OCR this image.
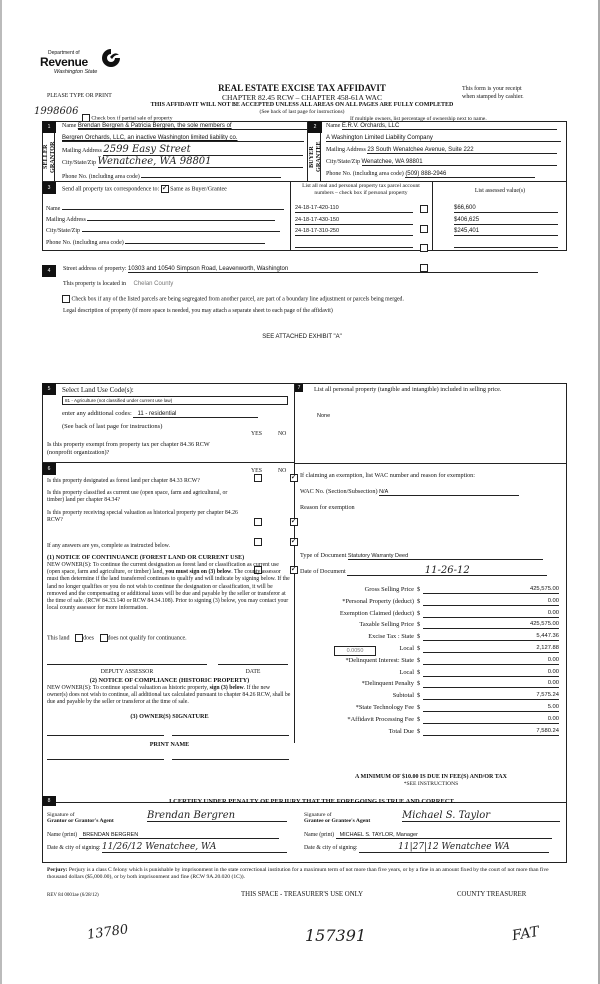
Department of
Revenue
Washington State
REAL ESTATE EXCISE TAX AFFIDAVIT
CHAPTER 82.45 RCW – CHAPTER 458-61A WAC
PLEASE TYPE OR PRINT
This form is your receipt
when stamped by cashier.
THIS AFFIDAVIT WILL NOT BE ACCEPTED UNLESS ALL AREAS ON ALL PAGES ARE FULLY COMPLETED
(See back of last page for instructions)
1998606
Check box if partial sale of property	If multiple owners, list percentage of ownership next to name.
1
SELLER
GRANTOR
Name Brendan Bergren & Patricia Bergren, the sole members of
Bergren Orchards, LLC, an inactive Washington limited liability co.
Mailing Address 2599 Easy Street
City/State/Zip Wenatchee, WA 98801
Phone No. (including area code)
2
BUYER
GRANTEE
Name E.R.V. Orchards, LLC
A Washington Limited Liability Company
Mailing Address 23 South Wenatchee Avenue, Suite 222
City/State/Zip Wenatchee, WA 98801
Phone No. (including area code) (509) 888-2946
3	Send all property tax correspondence to: ✓ Same as Buyer/Grantee
Name
Mailing Address
City/State/Zip
Phone No. (including area code)
List all real and personal property tax parcel account numbers – check box if personal property	List assessed value(s)
24-18-17-420-110	$66,600
24-18-17-430-150	$406,625
24-18-17-310-250	$245,401
4	Street address of property: 10303 and 10540 Simpson Road, Leavenworth, Washington
This property is located in Chelan County
Check box if any of the listed parcels are being segregated from another parcel, are part of a boundary line adjustment or parcels being merged.
Legal description of property (if more space is needed, you may attach a separate sheet to each page of the affidavit)
SEE ATTACHED EXHIBIT "A"
5	Select Land Use Code(s):
81 - Agriculture (not classified under current use law)
enter any additional codes: 11 - residential
(See back of last page for instructions)
YES	NO
Is this property exempt from property tax per chapter 84.36 RCW (nonprofit organization)?
✓
6	YES	NO
Is this property designated as forest land per chapter 84.33 RCW?
✓
Is this property classified as current use (open space, farm and agricultural, or timber) land per chapter 84.34?
✓
Is this property receiving special valuation as historical property per chapter 84.26 RCW?
✓
If any answers are yes, complete as instructed below.
(1) NOTICE OF CONTINUANCE (FOREST LAND OR CURRENT USE)
NEW OWNER(S): To continue the current designation as forest land or classification as current use (open space, farm and agriculture, or timber) land, you must sign on (3) below. The county assessor must then determine if the land transferred continues to qualify and will indicate by signing below. If the land no longer qualifies or you do not wish to continue the designation or classification, it will be removed and the compensating or additional taxes will be due and payable by the seller or transferor at the time of sale. (RCW 84.33.140 or RCW 84.34.108). Prior to signing (3) below, you may contact your local county assessor for more information.
This land does does not qualify for continuance.
DEPUTY ASSESSOR	DATE
(2) NOTICE OF COMPLIANCE (HISTORIC PROPERTY)
NEW OWNER(S): To continue special valuation as historic property, sign (3) below. If the new owner(s) does not wish to continue, all additional tax calculated pursuant to chapter 84.26 RCW, shall be due and payable by the seller or transferor at the time of sale.
(3) OWNER(S) SIGNATURE
PRINT NAME
7	List all personal property (tangible and intangible) included in selling price.
None
If claiming an exemption, list WAC number and reason for exemption:
WAC No. (Section/Subsection) N/A
Reason for exemption
Type of Document Statutory Warranty Deed
Date of Document	11-26-12
Gross Selling Price $	425,575.00
*Personal Property (deduct) $	0.00
Exemption Claimed (deduct) $	0.00
Taxable Selling Price $	425,575.00
Excise Tax : State $	5,447.36
Local $	2,127.88
*Delinquent Interest: State $	0.00
Local $	0.00
*Delinquent Penalty $	0.00
Subtotal $	7,575.24
*State Technology Fee $	5.00
*Affidavit Processing Fee $	0.00
Total Due $	7,580.24
0.0050
A MINIMUM OF $10.00 IS DUE IN FEE(S) AND/OR TAX
*SEE INSTRUCTIONS
8	I CERTIFY UNDER PENALTY OF PERJURY THAT THE FOREGOING IS TRUE AND CORRECT.
Signature of
Grantor or Grantor's Agent	Brendan Bergren
Name (print) BRENDAN BERGREN
Date & city of signing: 11/26/12 Wenatchee, WA
Signature of
Grantee or Grantee's Agent	Michael S. Taylor
Name (print) MICHAEL S. TAYLOR, Manager
Date & city of signing:	11|27|12 Wenatchee WA
Perjury: Perjury is a class C felony which is punishable by imprisonment in the state correctional institution for a maximum term of not more than five years, or by a fine in an amount fixed by the court of not more than five thousand dollars ($5,000.00), or by both imprisonment and fine (RCW 9A.20.020 (1C)).
REV 84 0001ae (6/28/12)	THIS SPACE - TREASURER'S USE ONLY	COUNTY TREASURER
13780	157391	FAT
